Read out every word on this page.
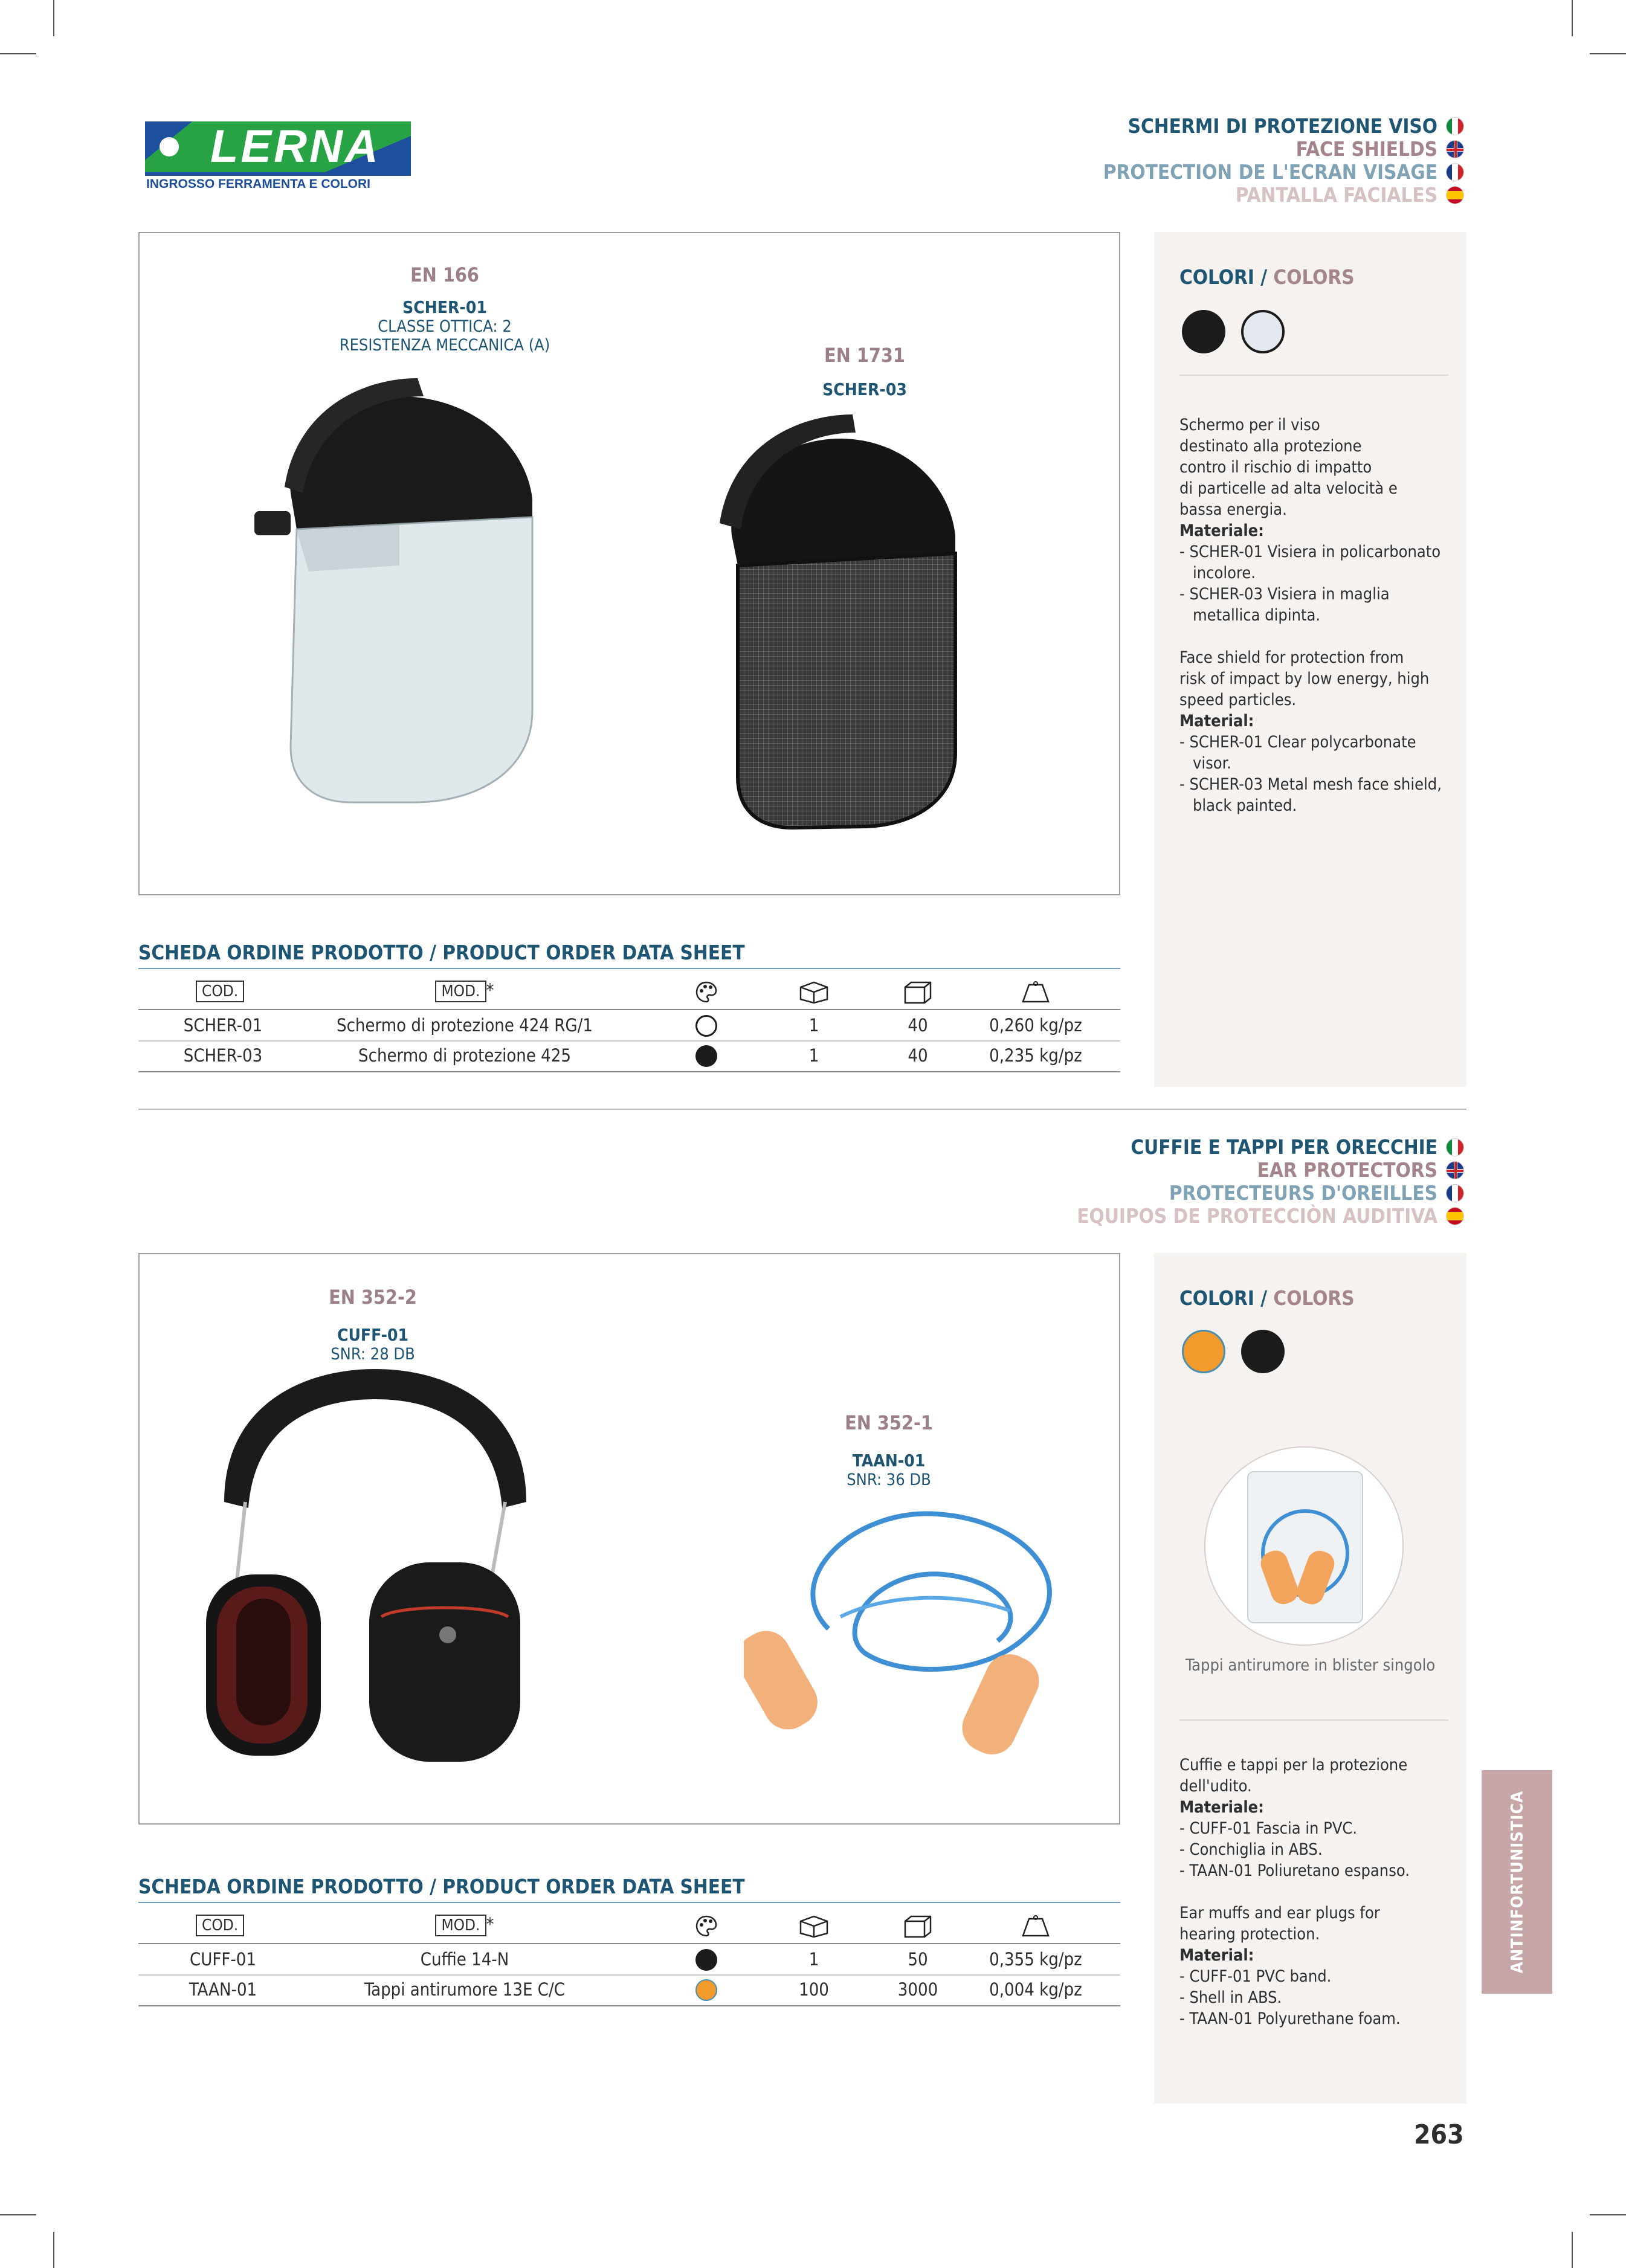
LERNA
S.R.L.
INGROSSO FERRAMENTA E COLORI
SCHERMI DI PROTEZIONE VISO
FACE SHIELDS
PROTECTION DE L'ECRAN VISAGE
PANTALLA FACIALES
EN 166
SCHER-01
CLASSE OTTICA: 2
RESISTENZA MECCANICA (A)	EN 1731
SCHER-03
COLORI / COLORS
Schermo per il viso
destinato alla protezione
contro il rischio di impatto
di particelle ad alta velocità e
bassa energia.
Materiale:
- SCHER-01 Visiera in policarbonato incolore.
- SCHER-03 Visiera in maglia metallica dipinta.
Face shield for protection from
risk of impact by low energy, high
speed particles.
Material:
- SCHER-01 Clear polycarbonate visor.
- SCHER-03 Metal mesh face shield, black painted.
SCHEDA ORDINE PRODOTTO / PRODUCT ORDER DATA SHEET
COD.	MOD. *
SCHER-01	Schermo di protezione 424 RG/1	1	40	0,260 kg/pz
SCHER-03	Schermo di protezione 425	1	40	0,235 kg/pz
CUFFIE E TAPPI PER ORECCHIE
EAR PROTECTORS
PROTECTEURS D'OREILLES
EQUIPOS DE PROTECCIÒN AUDITIVA
EN 352-2
CUFF-01
SNR: 28 DB
EN 352-1
TAAN-01
SNR: 36 DB
COLORI / COLORS
Tappi antirumore in blister singolo
Cuffie e tappi per la protezione
dell'udito.
Materiale:
- CUFF-01 Fascia in PVC.
- Conchiglia in ABS.
- TAAN-01 Poliuretano espanso.
Ear muffs and ear plugs for
hearing protection.
Material:
- CUFF-01 PVC band.
- Shell in ABS.
- TAAN-01 Polyurethane foam.
SCHEDA ORDINE PRODOTTO / PRODUCT ORDER DATA SHEET
COD.	MOD. *
CUFF-01	Cuffie 14-N	1	50	0,355 kg/pz
TAAN-01	Tappi antirumore 13E C/C	100	3000	0,004 kg/pz
ANTINFORTUNISTICA
263
